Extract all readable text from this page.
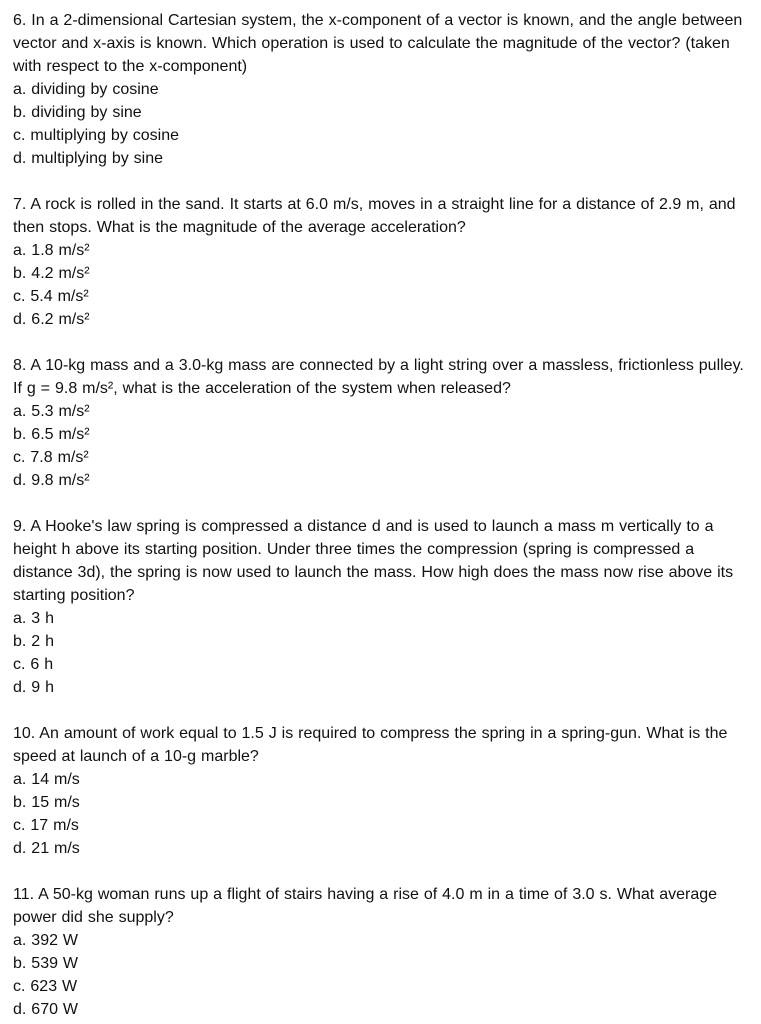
6. In a 2-dimensional Cartesian system, the x-component of a vector is known, and the angle between vector and x-axis is known. Which operation is used to calculate the magnitude of the vector? (taken with respect to the x-component)

a. dividing by cosine

b. dividing by sine

c. multiplying by cosine

d. multiplying by sine

7. A rock is rolled in the sand. It starts at 6.0 m/s, moves in a straight line for a distance of 2.9 m, and then stops. What is the magnitude of the average acceleration?

a. 1.8 m/s²

b. 4.2 m/s²

c. 5.4 m/s²

d. 6.2 m/s²

8. A 10-kg mass and a 3.0-kg mass are connected by a light string over a massless, frictionless pulley. If g = 9.8 m/s², what is the acceleration of the system when released?

a. 5.3 m/s²

b. 6.5 m/s²

c. 7.8 m/s²

d. 9.8 m/s²

9. A Hooke's law spring is compressed a distance d and is used to launch a mass m vertically to a height h above its starting position. Under three times the compression (spring is compressed a distance 3d), the spring is now used to launch the mass. How high does the mass now rise above its starting position?

a. 3 h

b. 2 h

c. 6 h

d. 9 h

10. An amount of work equal to 1.5 J is required to compress the spring in a spring-gun. What is the speed at launch of a 10-g marble?

a. 14 m/s

b. 15 m/s

c. 17 m/s

d. 21 m/s

11. A 50-kg woman runs up a flight of stairs having a rise of 4.0 m in a time of 3.0 s. What average power did she supply?

a. 392 W

b. 539 W

c. 623 W

d. 670 W
